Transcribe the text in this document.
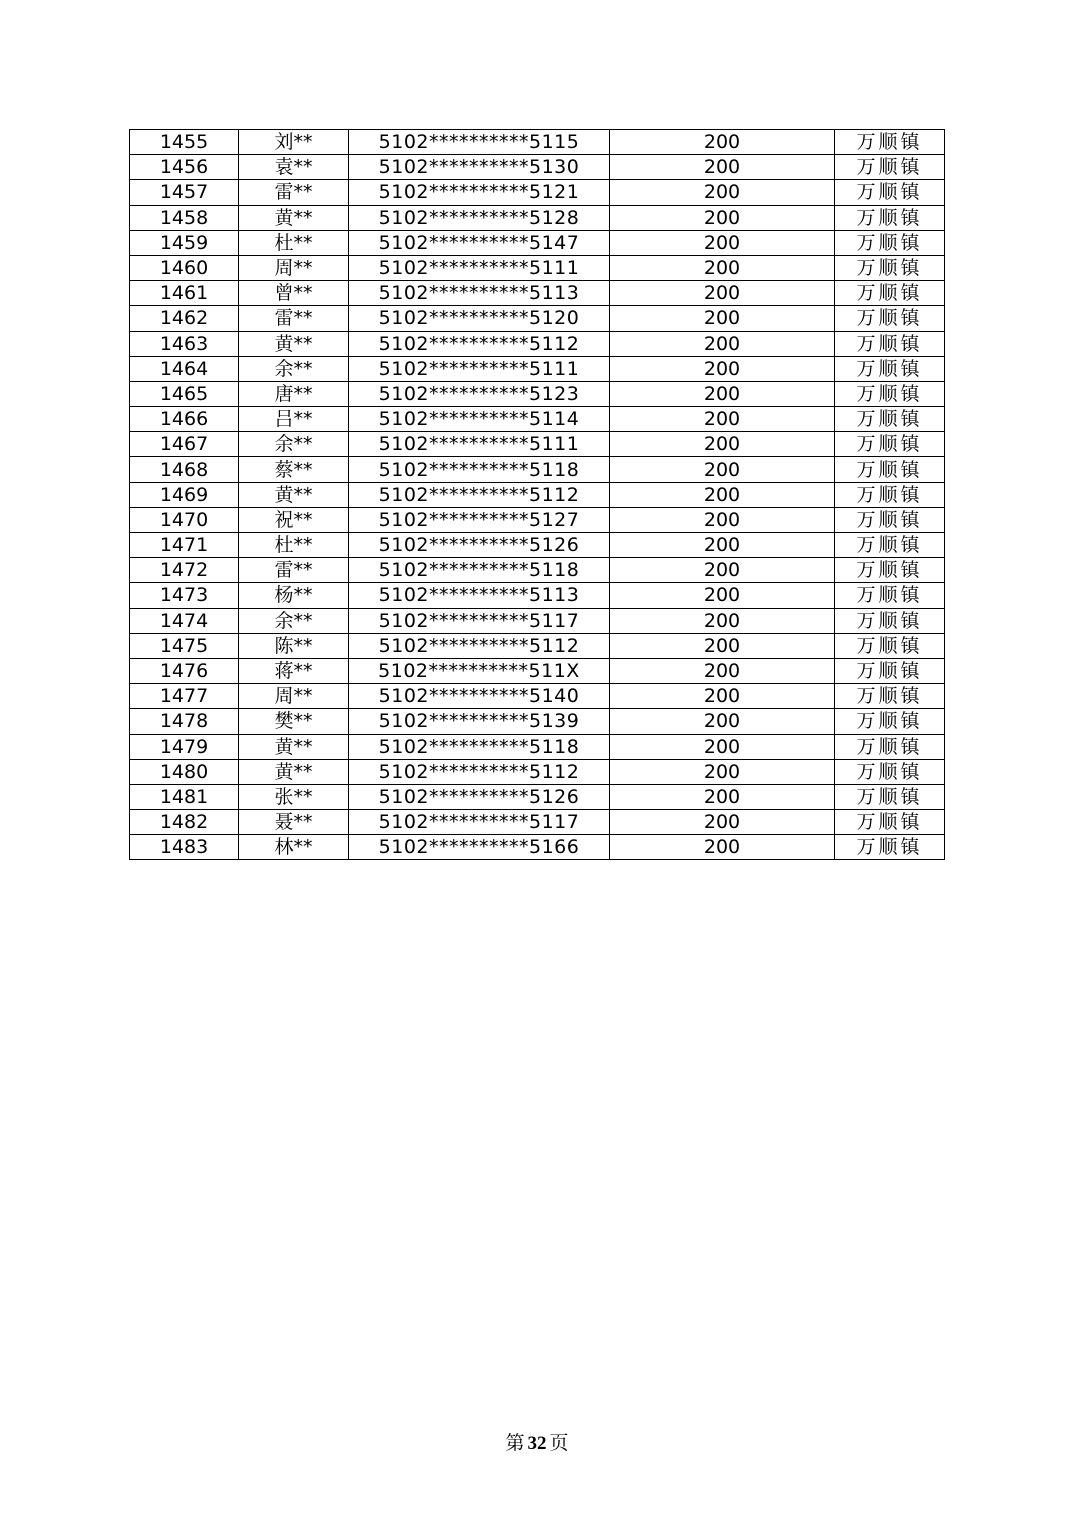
1455	刘**	5102**********5115	200	万顺镇
1456	袁**	5102**********5130	200	万顺镇
1457	雷**	5102**********5121	200	万顺镇
1458	黄**	5102**********5128	200	万顺镇
1459	杜**	5102**********5147	200	万顺镇
1460	周**	5102**********5111	200	万顺镇
1461	曾**	5102**********5113	200	万顺镇
1462	雷**	5102**********5120	200	万顺镇
1463	黄**	5102**********5112	200	万顺镇
1464	余**	5102**********5111	200	万顺镇
1465	唐**	5102**********5123	200	万顺镇
1466	吕**	5102**********5114	200	万顺镇
1467	余**	5102**********5111	200	万顺镇
1468	蔡**	5102**********5118	200	万顺镇
1469	黄**	5102**********5112	200	万顺镇
1470	祝**	5102**********5127	200	万顺镇
1471	杜**	5102**********5126	200	万顺镇
1472	雷**	5102**********5118	200	万顺镇
1473	杨**	5102**********5113	200	万顺镇
1474	余**	5102**********5117	200	万顺镇
1475	陈**	5102**********5112	200	万顺镇
1476	蒋**	5102**********511X	200	万顺镇
1477	周**	5102**********5140	200	万顺镇
1478	樊**	5102**********5139	200	万顺镇
1479	黄**	5102**********5118	200	万顺镇
1480	黄**	5102**********5112	200	万顺镇
1481	张**	5102**********5126	200	万顺镇
1482	聂**	5102**********5117	200	万顺镇
1483	林**	5102**********5166	200	万顺镇
第 32 页
